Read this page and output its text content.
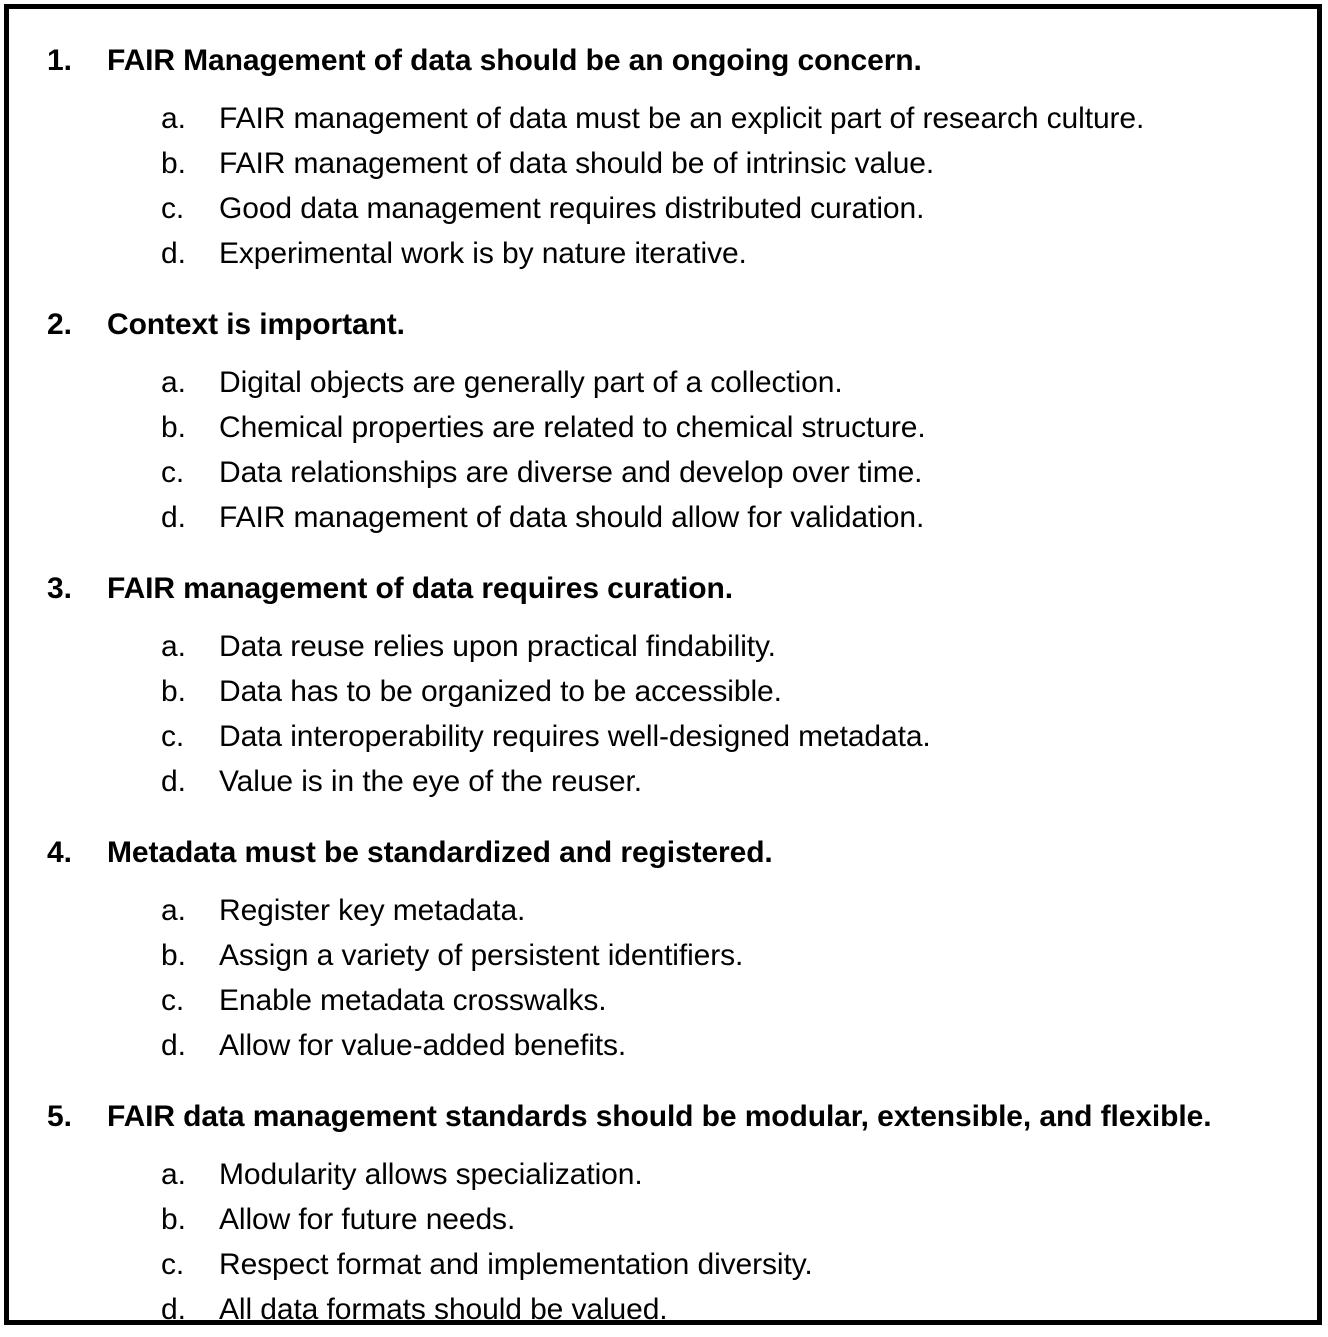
1.	FAIR Management of data should be an ongoing concern.
a.	FAIR management of data must be an explicit part of research culture.
b.	FAIR management of data should be of intrinsic value.
c.	Good data management requires distributed curation.
d.	Experimental work is by nature iterative.
2.	Context is important.
a.	Digital objects are generally part of a collection.
b.	Chemical properties are related to chemical structure.
c.	Data relationships are diverse and develop over time.
d.	FAIR management of data should allow for validation.
3.	FAIR management of data requires curation.
a.	Data reuse relies upon practical findability.
b.	Data has to be organized to be accessible.
c.	Data interoperability requires well-designed metadata.
d.	Value is in the eye of the reuser.
4.	Metadata must be standardized and registered.
a.	Register key metadata.
b.	Assign a variety of persistent identifiers.
c.	Enable metadata crosswalks.
d.	Allow for value-added benefits.
5.	FAIR data management standards should be modular, extensible, and flexible.
a.	Modularity allows specialization.
b.	Allow for future needs.
c.	Respect format and implementation diversity.
d.	All data formats should be valued.
